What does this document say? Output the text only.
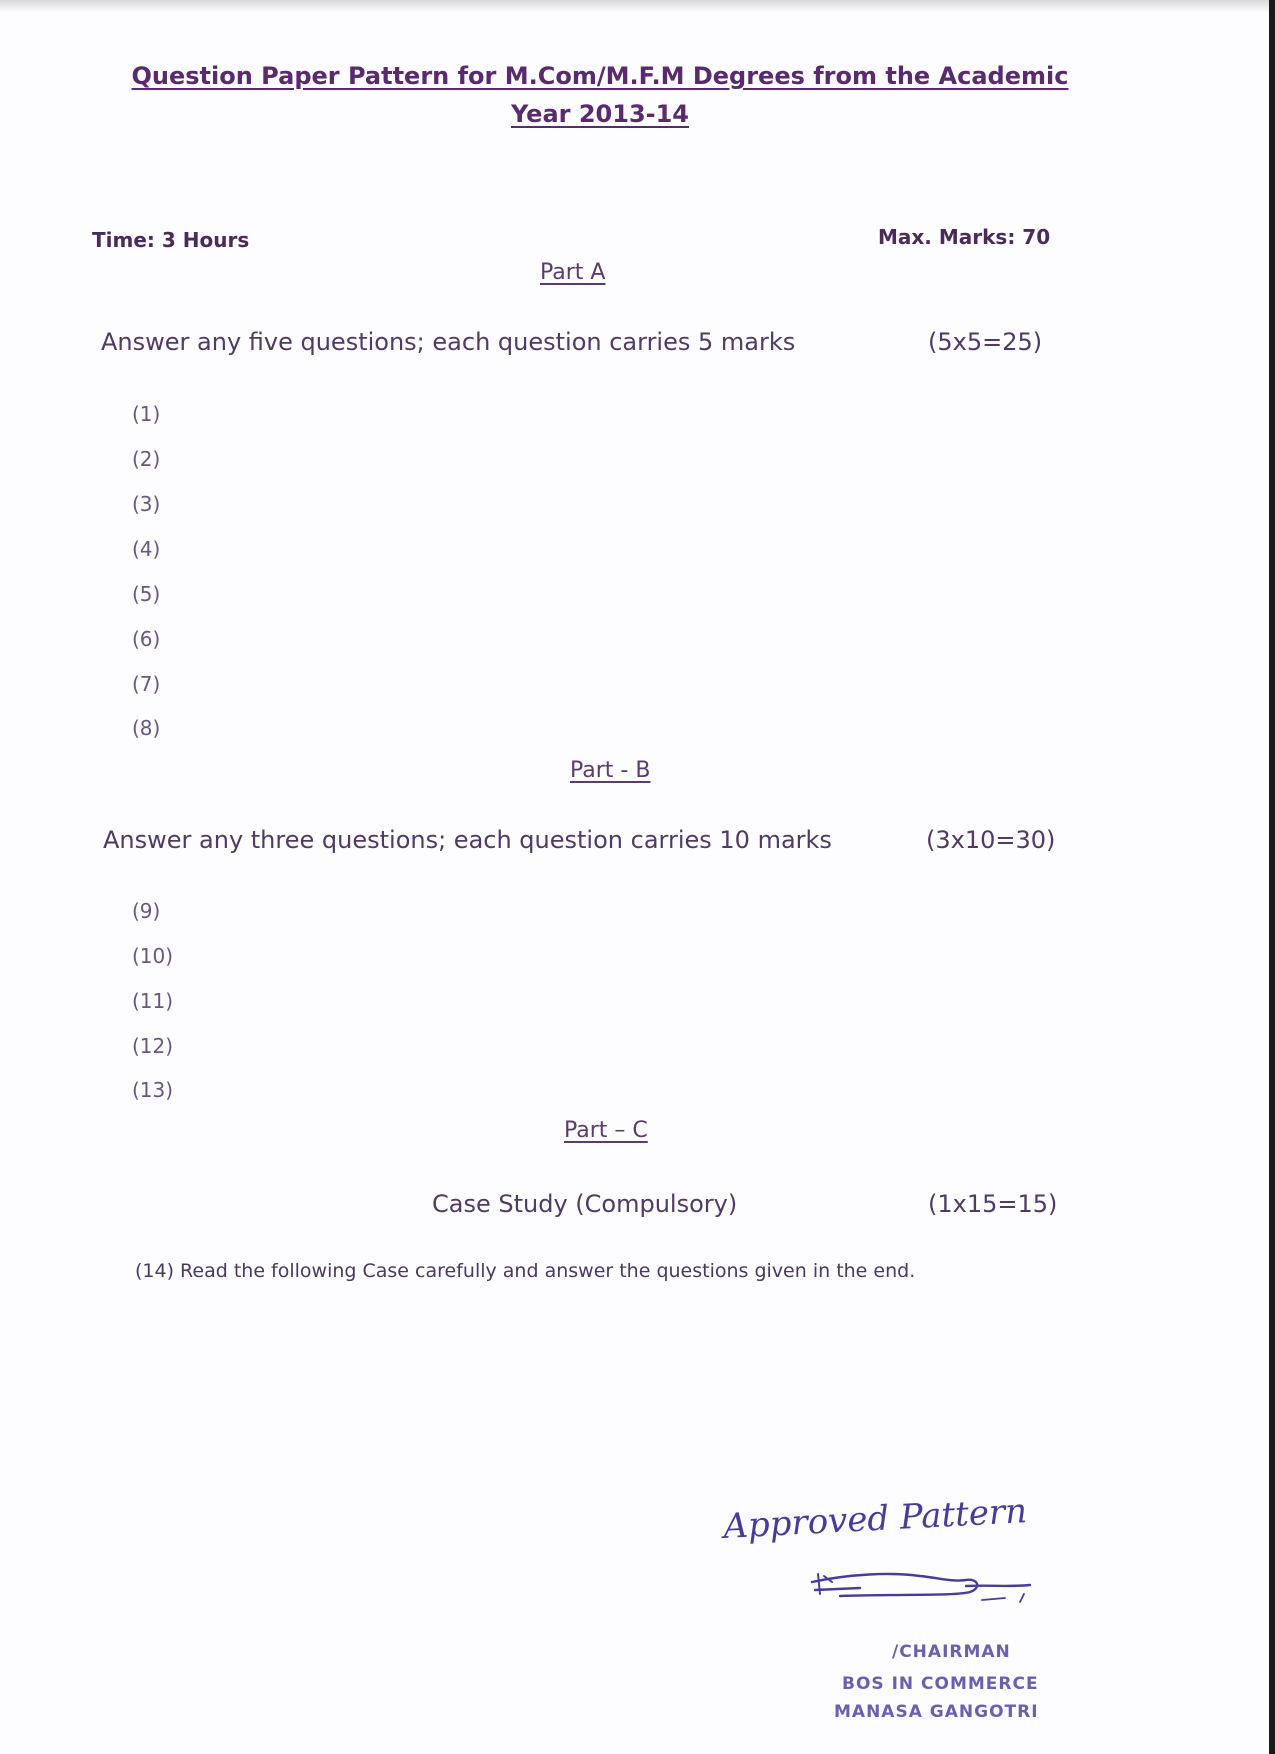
Question Paper Pattern for M.Com/M.F.M Degrees from the Academic
Year 2013-14
Time: 3 Hours	Max. Marks: 70
Part A
Answer any five questions; each question carries 5 marks	(5x5=25)
(1)
(2)
(3)
(4)
(5)
(6)
(7)
(8)
Part - B
Answer any three questions; each question carries 10 marks	(3x10=30)
(9)
(10)
(11)
(12)
(13)
Part – C
Case Study (Compulsory)	(1x15=15)
(14) Read the following Case carefully and answer the questions given in the end.
Approved Pattern
/CHAIRMAN
BOS IN COMMERCE
MANASA GANGOTRI
